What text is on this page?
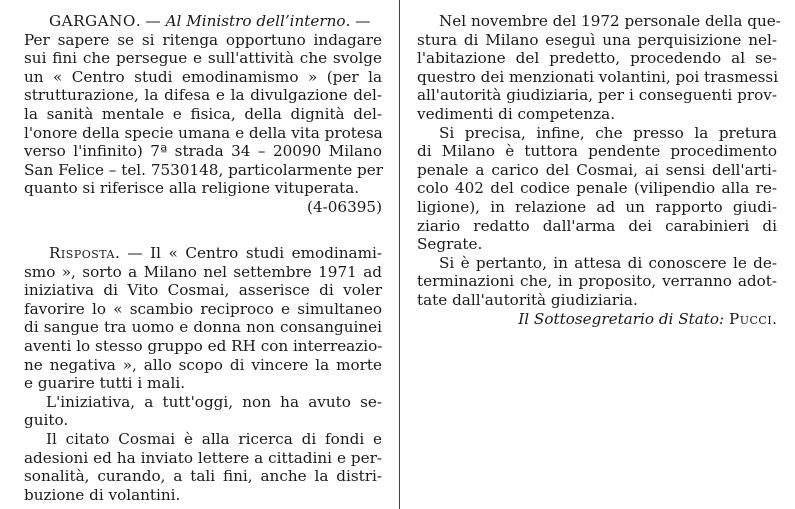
GARGANO. — Al Ministro dell’interno. —
Per sapere se si ritenga opportuno indagare
sui fini che persegue e sull'attività che svolge
un « Centro studi emodinamismo » (per la
strutturazione, la difesa e la divulgazione del-
la sanità mentale e fisica, della dignità del-
l'onore della specie umana e della vita protesa
verso l'infinito) 7ª strada 34 – 20090 Milano
San Felice – tel. 7530148, particolarmente per
quanto si riferisce alla religione vituperata.
(4-06395)
Risposta. — Il « Centro studi emodinami-
smo », sorto a Milano nel settembre 1971 ad
iniziativa di Vito Cosmai, asserisce di voler
favorire lo « scambio reciproco e simultaneo
di sangue tra uomo e donna non consanguinei
aventi lo stesso gruppo ed RH con interreazio-
ne negativa », allo scopo di vincere la morte
e guarire tutti i mali.
L'iniziativa, a tutt'oggi, non ha avuto se-
guito.
Il citato Cosmai è alla ricerca di fondi e
adesioni ed ha inviato lettere a cittadini e per-
sonalità, curando, a tali fini, anche la distri-
buzione di volantini.
Nel novembre del 1972 personale della que-
stura di Milano eseguì una perquisizione nel-
l'abitazione del predetto, procedendo al se-
questro dei menzionati volantini, poi trasmessi
all'autorità giudiziaria, per i conseguenti prov-
vedimenti di competenza.
Si precisa, infine, che presso la pretura
di Milano è tuttora pendente procedimento
penale a carico del Cosmai, ai sensi dell'arti-
colo 402 del codice penale (vilipendio alla re-
ligione), in relazione ad un rapporto giudi-
ziario redatto dall'arma dei carabinieri di
Segrate.
Si è pertanto, in attesa di conoscere le de-
terminazioni che, in proposito, verranno adot-
tate dall'autorità giudiziaria.
Il Sottosegretario di Stato: Pucci.
